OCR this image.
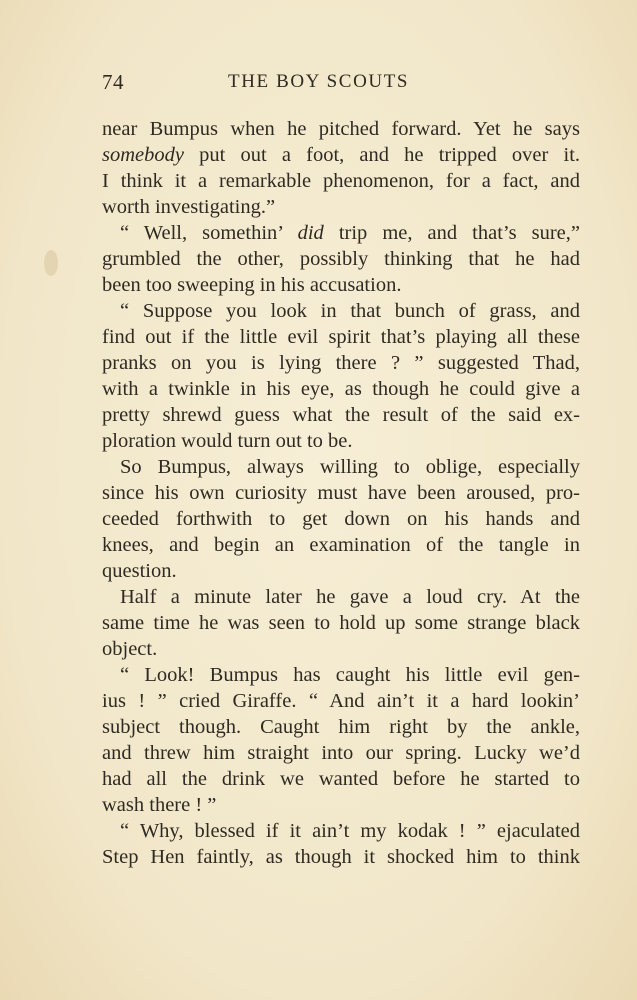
74	THE BOY SCOUTS
near Bumpus when he pitched forward. Yet he says
somebody put out a foot, and he tripped over it.
I think it a remarkable phenomenon, for a fact, and
worth investigating.”
“ Well, somethin’ did trip me, and that’s sure,”
grumbled the other, possibly thinking that he had
been too sweeping in his accusation.
“ Suppose you look in that bunch of grass, and
find out if the little evil spirit that’s playing all these
pranks on you is lying there ? ” suggested Thad,
with a twinkle in his eye, as though he could give a
pretty shrewd guess what the result of the said ex-
ploration would turn out to be.
So Bumpus, always willing to oblige, especially
since his own curiosity must have been aroused, pro-
ceeded forthwith to get down on his hands and
knees, and begin an examination of the tangle in
question.
Half a minute later he gave a loud cry. At the
same time he was seen to hold up some strange black
object.
“ Look! Bumpus has caught his little evil gen-
ius ! ” cried Giraffe. “ And ain’t it a hard lookin’
subject though. Caught him right by the ankle,
and threw him straight into our spring. Lucky we’d
had all the drink we wanted before he started to
wash there ! ”
“ Why, blessed if it ain’t my kodak ! ” ejaculated
Step Hen faintly, as though it shocked him to think
